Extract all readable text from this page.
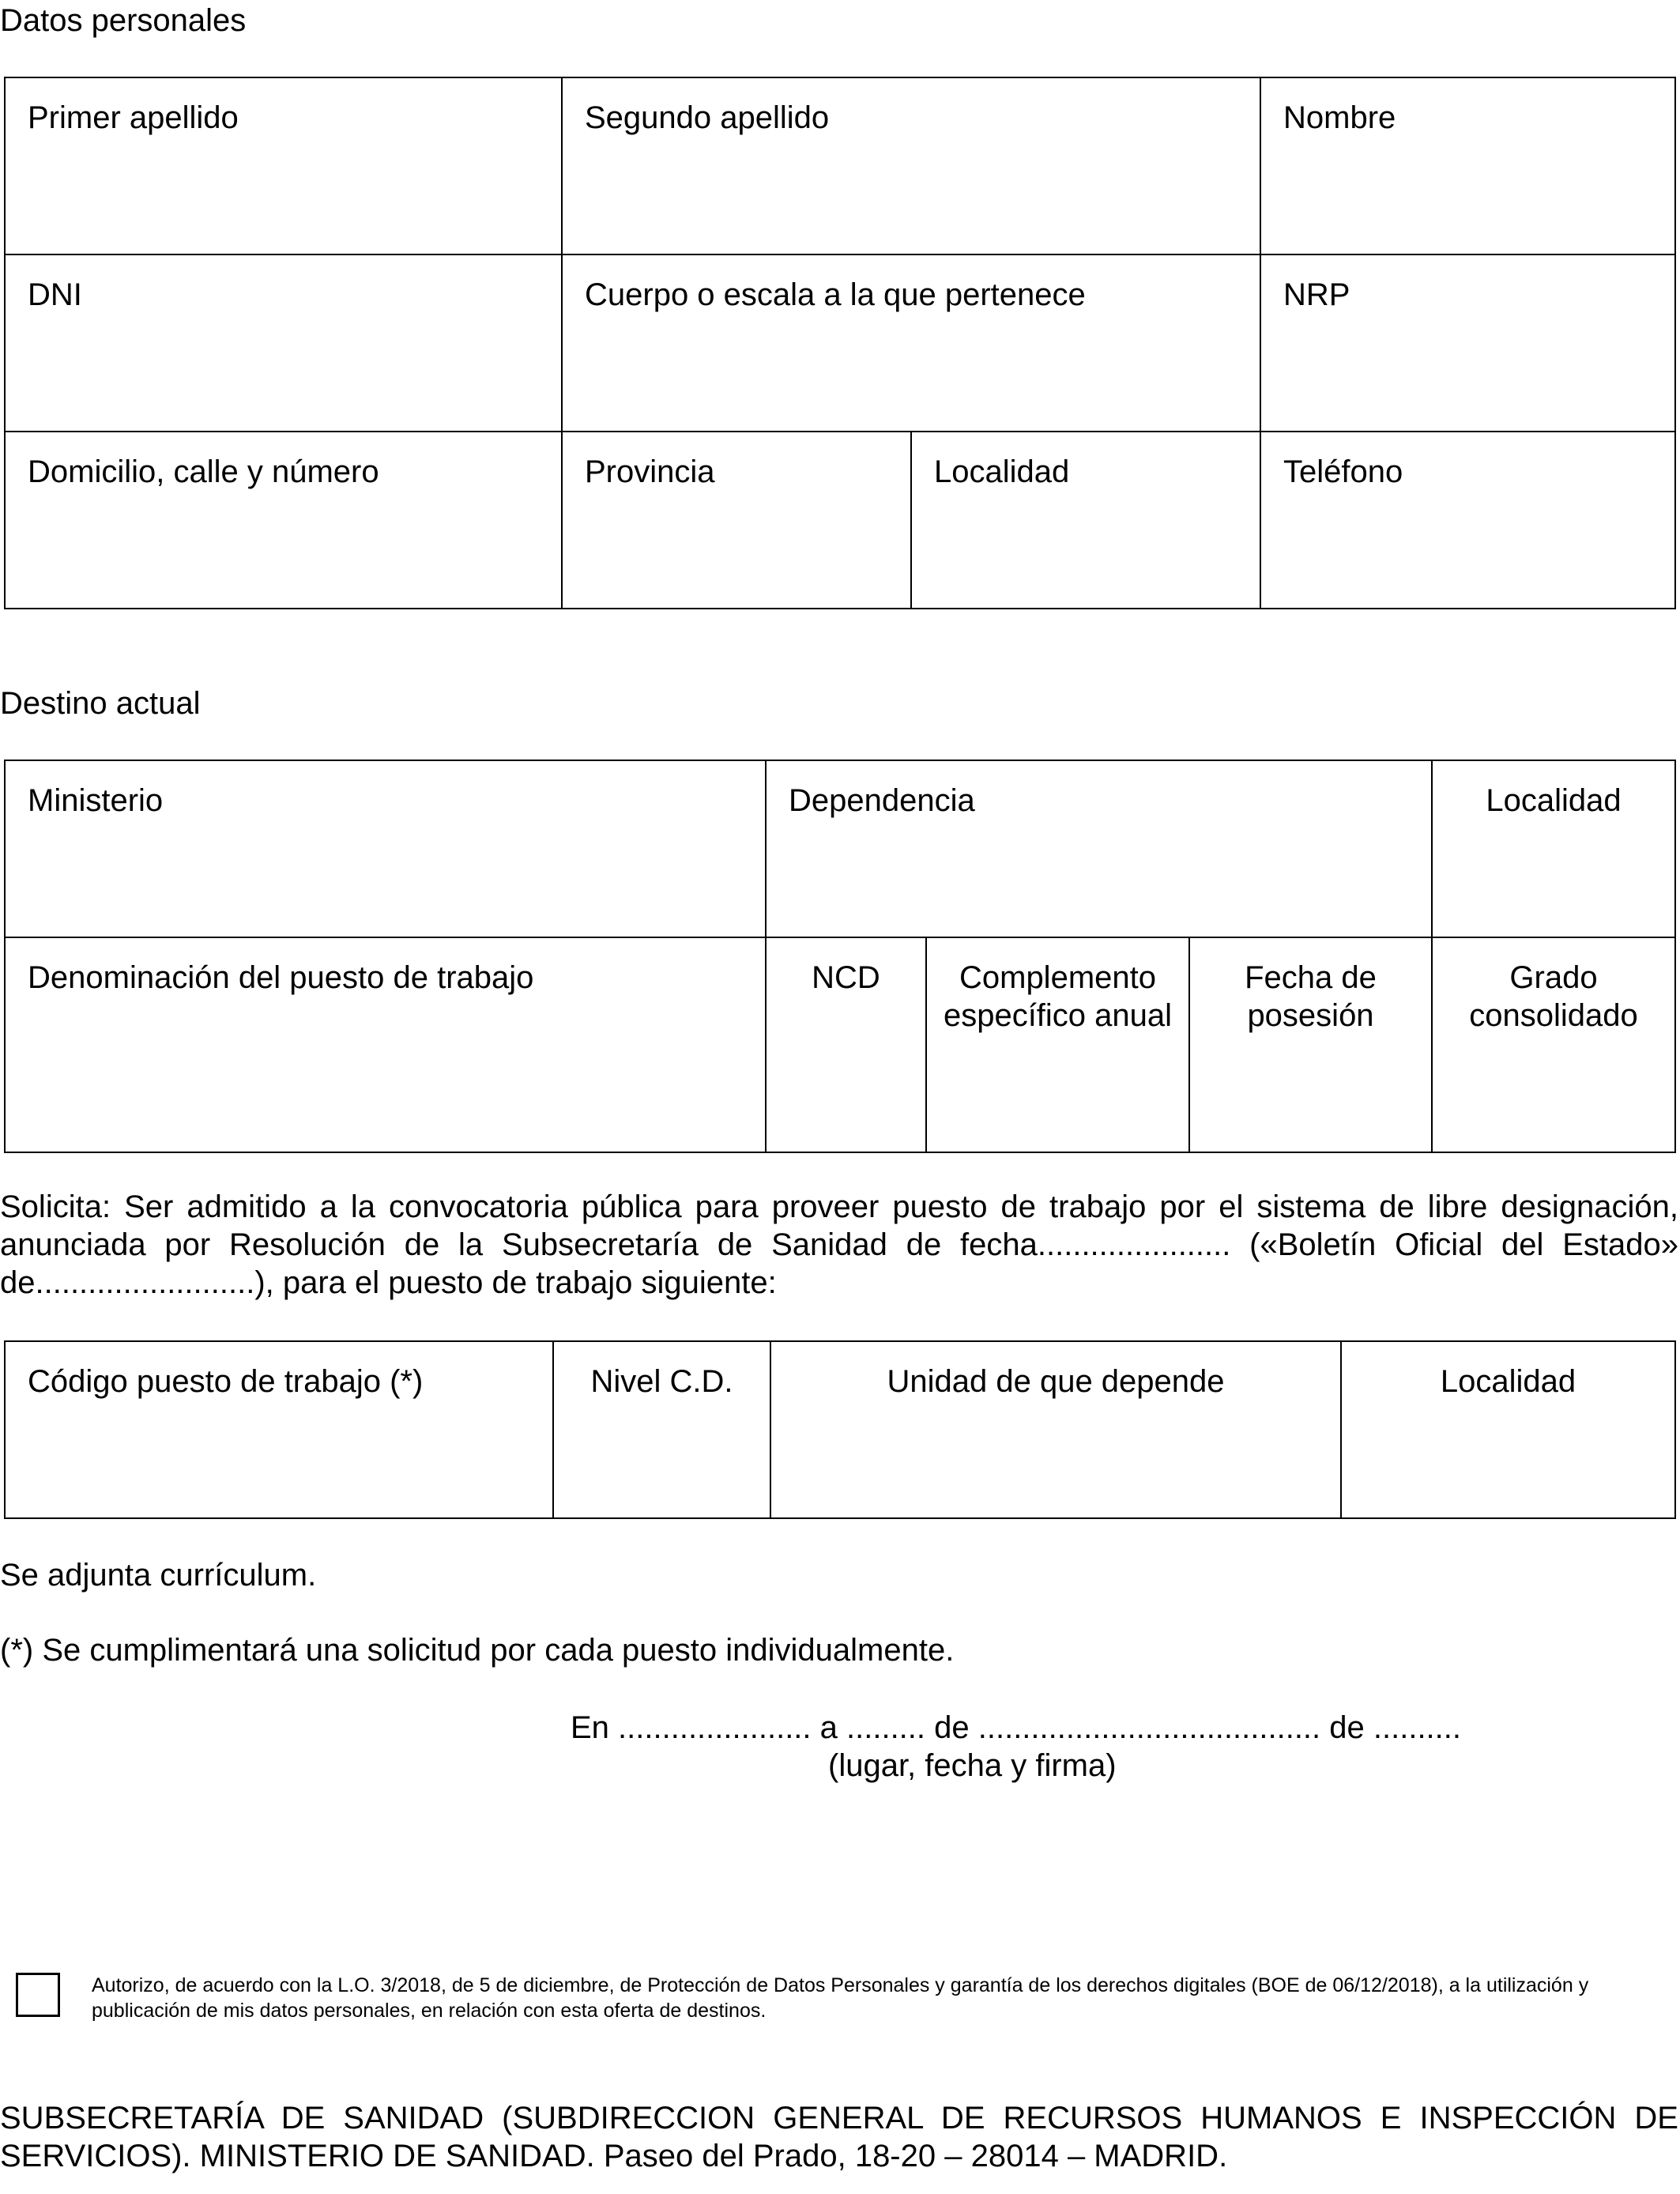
Datos personales
Primer apellido	Segundo apellido		Nombre

DNI	Cuerpo o escala a la que pertenece		NRP

Domicilio, calle y número	Provincia	Localidad	Teléfono
Destino actual
Ministerio	Dependencia			Localidad

Denominación del puesto de trabajo	NCD	Complemento específico anual	Fecha de posesión	Grado consolidado
Solicita: Ser admitido a la convocatoria pública para proveer puesto de trabajo por el sistema de libre designación, anunciada por Resolución de la Subsecretaría de Sanidad de fecha...................... («Boletín Oficial del Estado» de.........................), para el puesto de trabajo siguiente:
Código puesto de trabajo (*)	Nivel C.D.	Unidad de que depende	Localidad
Se adjunta currículum.
(*) Se cumplimentará una solicitud por cada puesto individualmente.
En ...................... a ......... de ....................................... de ..........
(lugar, fecha y firma)
Autorizo, de acuerdo con la L.O. 3/2018, de 5 de diciembre, de Protección de Datos Personales y garantía de los derechos digitales (BOE de 06/12/2018), a la utilización y publicación de mis datos personales, en relación con esta oferta de destinos.
SUBSECRETARÍA DE SANIDAD (SUBDIRECCION GENERAL DE RECURSOS HUMANOS E INSPECCIÓN DE SERVICIOS). MINISTERIO DE SANIDAD. Paseo del Prado, 18-20 – 28014 – MADRID.
